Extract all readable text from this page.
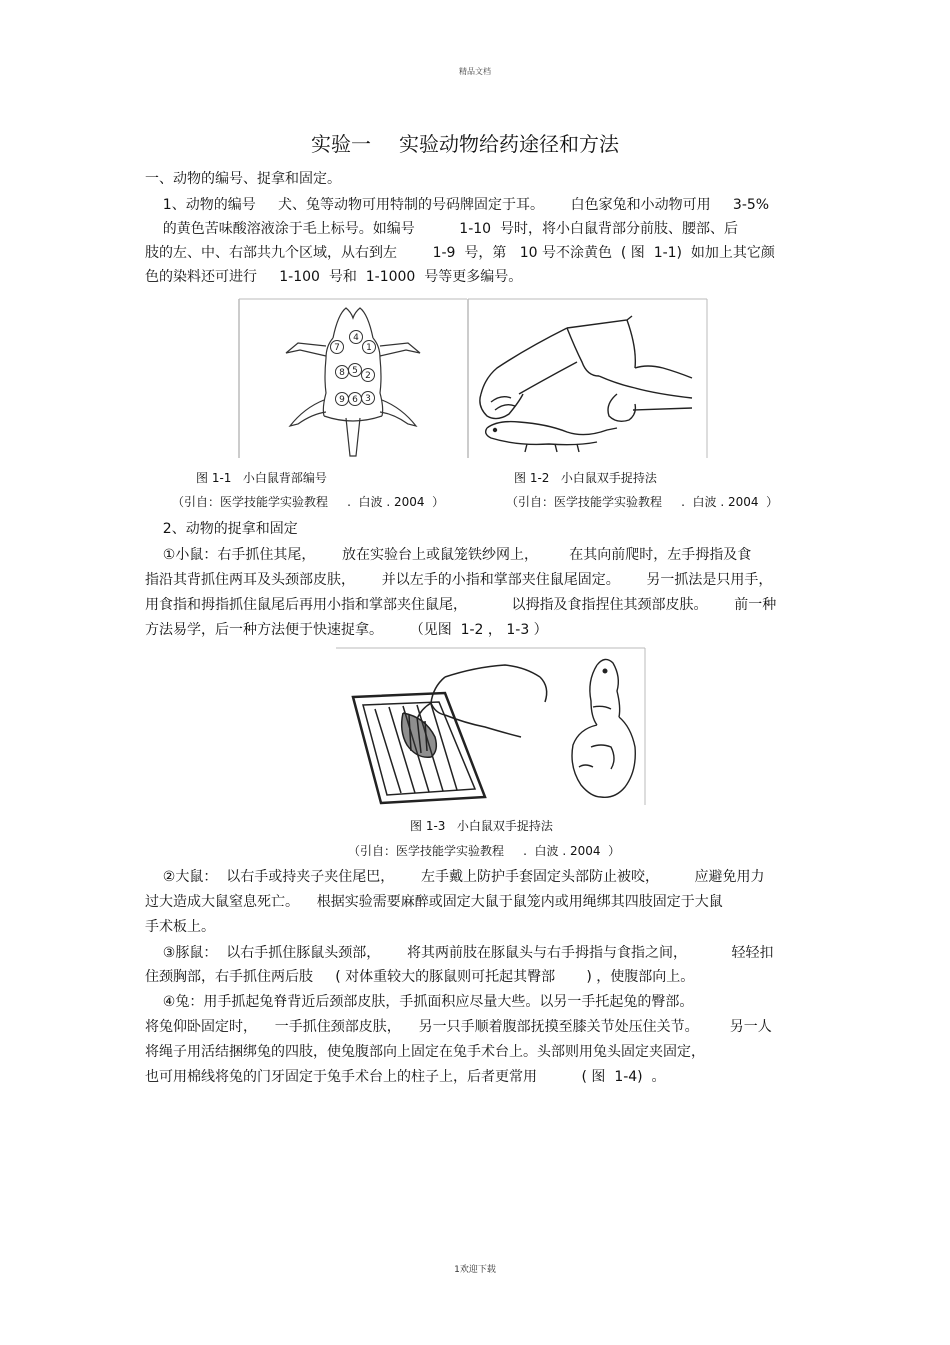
精品文档
实验一 实验动物给药途径和方法
一、动物的编号、捉拿和固定。
1、动物的编号     犬、兔等动物可用特制的号码牌固定于耳。      白色家兔和小动物可用     3-5%
的黄色苦味酸溶液涂于毛上标号。如编号          1-10  号时，将小白鼠背部分前肢、腰部、后
肢的左、中、右部共九个区域，从右到左        1-9  号，第   10 号不涂黄色  ( 图  1-1)  如加上其它颜
色的染料还可进行     1-100  号和  1-1000  号等更多编号。
4
7	1
8 5 2
9 6 3
图 1-1   小白鼠背部编号	图 1-2   小白鼠双手捉持法
（引自：医学技能学实验教程     .  白波 . 2004  ）	（引自：医学技能学实验教程     .  白波 . 2004  ）
2、动物的捉拿和固定
①小鼠：右手抓住其尾，      放在实验台上或鼠笼铁纱网上，       在其向前爬时，左手拇指及食
指沿其背抓住两耳及头颈部皮肤，      并以左手的小指和掌部夹住鼠尾固定。      另一抓法是只用手，
用食指和拇指抓住鼠尾后再用小指和掌部夹住鼠尾，          以拇指及食指捏住其颈部皮肤。      前一种
方法易学，后一种方法便于快速捉拿。      （见图  1-2 ， 1-3 ）
图 1-3   小白鼠双手捉持法
（引自：医学技能学实验教程     .  白波 . 2004  ）
②大鼠：  以右手或持夹子夹住尾巴，      左手戴上防护手套固定头部防止被咬，        应避免用力
过大造成大鼠窒息死亡。    根据实验需要麻醉或固定大鼠于鼠笼内或用绳绑其四肢固定于大鼠
手术板上。
③豚鼠：  以右手抓住豚鼠头颈部，      将其两前肢在豚鼠头与右手拇指与食指之间，          轻轻扣
住颈胸部，右手抓住两后肢     ( 对体重较大的豚鼠则可托起其臀部       ) ，使腹部向上。
④兔：用手抓起兔脊背近后颈部皮肤，手抓面积应尽量大些。以另一手托起兔的臀部。
将兔仰卧固定时，    一手抓住颈部皮肤，    另一只手顺着腹部抚摸至膝关节处压住关节。       另一人
将绳子用活结捆绑兔的四肢，使兔腹部向上固定在兔手术台上。头部则用兔头固定夹固定，
也可用棉线将兔的门牙固定于兔手术台上的柱子上，后者更常用          ( 图  1-4)  。
1欢迎下载
